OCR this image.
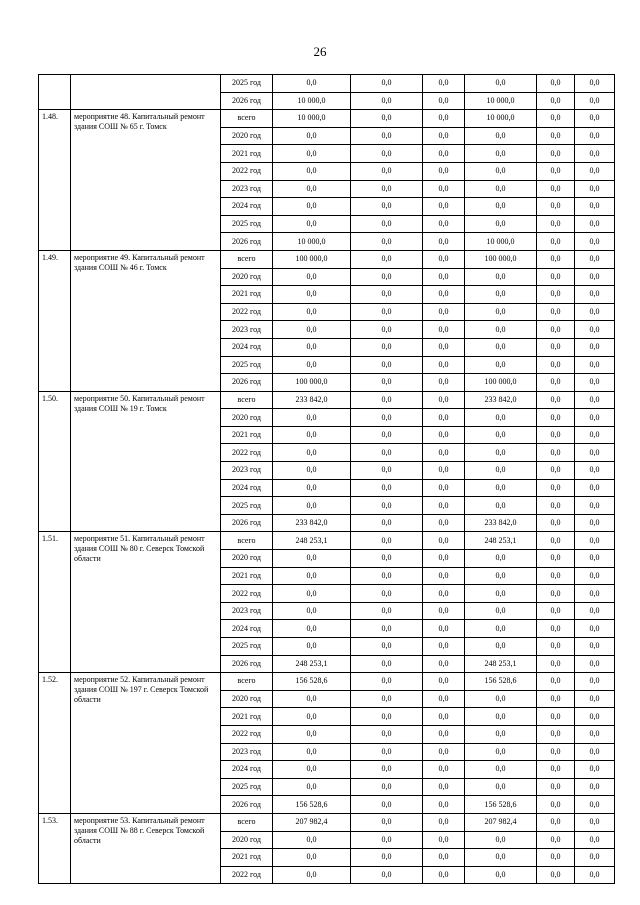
26
		2025 год	0,0	0,0	0,0	0,0	0,0	0,0
		2026 год	10 000,0	0,0	0,0	10 000,0	0,0	0,0
1.48.	мероприятие 48. Капитальный ремонт здания СОШ № 65 г. Томск	всего	10 000,0	0,0	0,0	10 000,0	0,0	0,0
		2020 год	0,0	0,0	0,0	0,0	0,0	0,0
		2021 год	0,0	0,0	0,0	0,0	0,0	0,0
		2022 год	0,0	0,0	0,0	0,0	0,0	0,0
		2023 год	0,0	0,0	0,0	0,0	0,0	0,0
		2024 год	0,0	0,0	0,0	0,0	0,0	0,0
		2025 год	0,0	0,0	0,0	0,0	0,0	0,0
		2026 год	10 000,0	0,0	0,0	10 000,0	0,0	0,0
1.49.	мероприятие 49. Капитальный ремонт здания СОШ № 46 г. Томск	всего	100 000,0	0,0	0,0	100 000,0	0,0	0,0
		2020 год	0,0	0,0	0,0	0,0	0,0	0,0
		2021 год	0,0	0,0	0,0	0,0	0,0	0,0
		2022 год	0,0	0,0	0,0	0,0	0,0	0,0
		2023 год	0,0	0,0	0,0	0,0	0,0	0,0
		2024 год	0,0	0,0	0,0	0,0	0,0	0,0
		2025 год	0,0	0,0	0,0	0,0	0,0	0,0
		2026 год	100 000,0	0,0	0,0	100 000,0	0,0	0,0
1.50.	мероприятие 50. Капитальный ремонт здания СОШ № 19 г. Томск	всего	233 842,0	0,0	0,0	233 842,0	0,0	0,0
		2020 год	0,0	0,0	0,0	0,0	0,0	0,0
		2021 год	0,0	0,0	0,0	0,0	0,0	0,0
		2022 год	0,0	0,0	0,0	0,0	0,0	0,0
		2023 год	0,0	0,0	0,0	0,0	0,0	0,0
		2024 год	0,0	0,0	0,0	0,0	0,0	0,0
		2025 год	0,0	0,0	0,0	0,0	0,0	0,0
		2026 год	233 842,0	0,0	0,0	233 842,0	0,0	0,0
1.51.	мероприятие 51. Капитальный ремонт здания СОШ № 80 г. Северск Томской области	всего	248 253,1	0,0	0,0	248 253,1	0,0	0,0
		2020 год	0,0	0,0	0,0	0,0	0,0	0,0
		2021 год	0,0	0,0	0,0	0,0	0,0	0,0
		2022 год	0,0	0,0	0,0	0,0	0,0	0,0
		2023 год	0,0	0,0	0,0	0,0	0,0	0,0
		2024 год	0,0	0,0	0,0	0,0	0,0	0,0
		2025 год	0,0	0,0	0,0	0,0	0,0	0,0
		2026 год	248 253,1	0,0	0,0	248 253,1	0,0	0,0
1.52.	мероприятие 52. Капитальный ремонт здания СОШ № 197 г. Северск Томской области	всего	156 528,6	0,0	0,0	156 528,6	0,0	0,0
		2020 год	0,0	0,0	0,0	0,0	0,0	0,0
		2021 год	0,0	0,0	0,0	0,0	0,0	0,0
		2022 год	0,0	0,0	0,0	0,0	0,0	0,0
		2023 год	0,0	0,0	0,0	0,0	0,0	0,0
		2024 год	0,0	0,0	0,0	0,0	0,0	0,0
		2025 год	0,0	0,0	0,0	0,0	0,0	0,0
		2026 год	156 528,6	0,0	0,0	156 528,6	0,0	0,0
1.53.	мероприятие 53. Капитальный ремонт здания СОШ № 88 г. Северск Томской области	всего	207 982,4	0,0	0,0	207 982,4	0,0	0,0
		2020 год	0,0	0,0	0,0	0,0	0,0	0,0
		2021 год	0,0	0,0	0,0	0,0	0,0	0,0
		2022 год	0,0	0,0	0,0	0,0	0,0	0,0
